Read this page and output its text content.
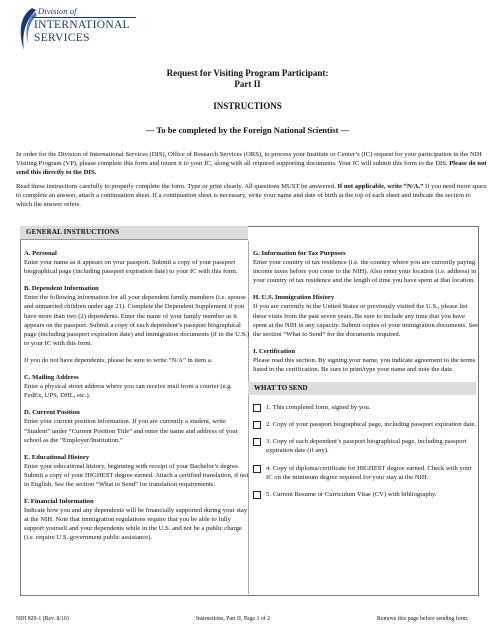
Division of
INTERNATIONAL
SERVICES
Request for Visiting Program Participant:
Part II
INSTRUCTIONS
— To be completed by the Foreign National Scientist —
In order for the Division of International Services (DIS), Office of Research Services (ORS), to process your Institute or Center’s (IC) request for your participation in the NIH Visiting Program (VP), please complete this form and return it to your IC, along with all required supporting documents. Your IC will submit this form to the DIS. Please do not send this directly to the DIS.
Read these instructions carefully to properly complete the form. Type or print clearly. All questions MUST be answered. If not applicable, write “N/A.” If you need more space to complete an answer, attach a continuation sheet. If a continuation sheet is necessary, write your name and date of birth at the top of each sheet and indicate the section to which the answer refers.
GENERAL INSTRUCTIONS
A. Personal
Enter your name as it appears on your passport. Submit a copy of your passport biographical page (including passport expiration date) to your IC with this form.
B. Dependent Information
Enter the following information for all your dependent family members (i.e. spouse and unmarried children under age 21). Complete the Dependent Supplement if you have more than two (2) dependents. Enter the name of your family member as it appears on the passport. Submit a copy of each dependent’s passport biographical page (including passport expiration date) and immigration documents (if in the U.S.) to your IC with this form.
If you do not have dependents, please be sure to write “N/A” in item a.
C. Mailing Address
Enter a physical street address where you can receive mail from a courier (e.g. FedEx, UPS, DHL, etc.).
D. Current Position
Enter your current position information. If you are currently a student, write “Student” under “Current Position Title” and enter the name and address of your school as the “Employer/Institution.”
E. Educational History
Enter your educational history, beginning with receipt of your Bachelor’s degree. Submit a copy of your HIGHEST degree earned. Attach a certified translation, if not in English. See the section “What to Send” for translation requirements.
F. Financial Information
Indicate how you and any dependents will be financially supported during your stay at the NIH. Note that immigration regulations require that you be able to fully support yourself and your dependents while in the U.S. and not be a public charge (i.e. require U.S. government public assistance).
G. Information for Tax Purposes
Enter your country of tax residence (i.e. the country where you are currently paying income taxes before you come to the NIH). Also enter your location (i.e. address) in your country of tax residence and the length of time you have spent at that location.
H. U.S. Immigration History
If you are currently in the United States or previously visited the U.S., please list these visits from the past seven years. Be sure to include any time that you have spent at the NIH in any capacity. Submit copies of your immigration documents. See the section “What to Send” for the documents required.
I. Certification
Please read this section. By signing your name, you indicate agreement to the terms listed in the certification. Be sure to print/type your name and note the date.
WHAT TO SEND
1. This completed form, signed by you.
2. Copy of your passport biographical page, including passport expiration date.
3. Copy of each dependent’s passport biographical page, including passport expiration date (if any).
4. Copy of diploma/certificate for HIGHEST degree earned. Check with your IC on the minimum degree required for your stay at the NIH.
5. Current Resume or Curriculum Vitae (CV) with bibliography.
NIH 829-1 (Rev. 8/10)	Instructions, Part II, Page 1 of 2	Remove this page before sending form.
